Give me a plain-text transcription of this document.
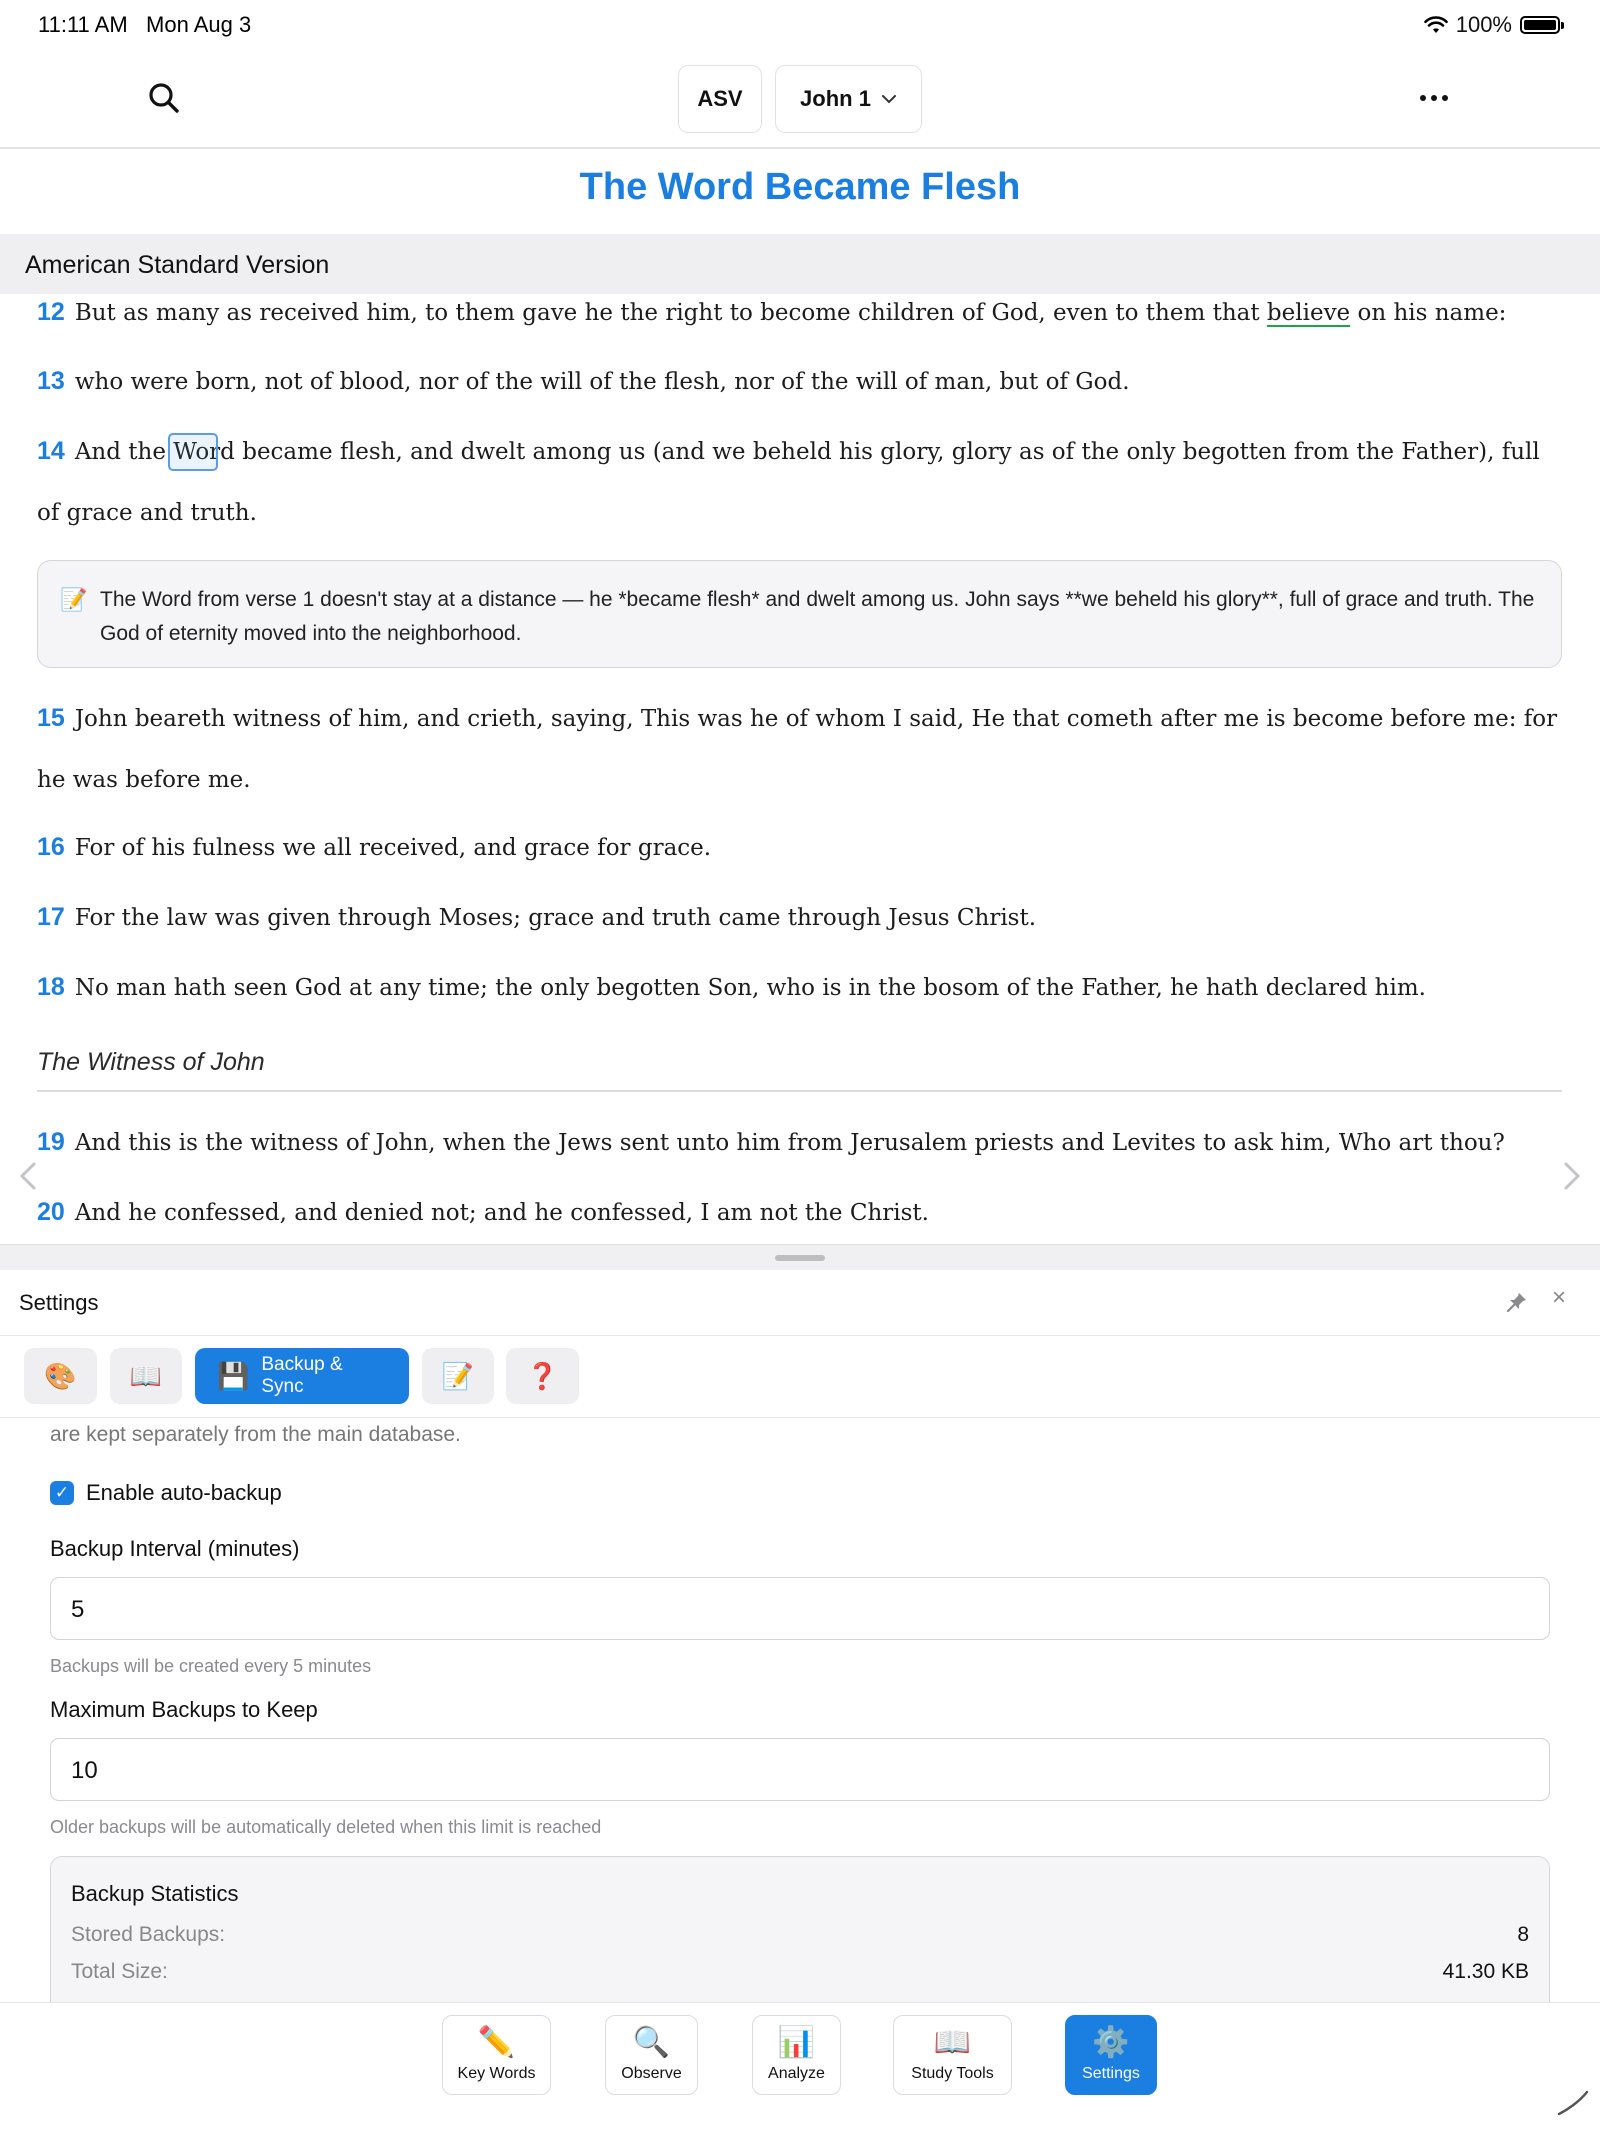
11:11 AM Mon Aug 3	100%
ASV	John 1
The Word Became Flesh
American Standard Version
12 But as many as received him, to them gave he the right to become children of God, even to them that believe on his name:
13 who were born, not of blood, nor of the will of the flesh, nor of the will of man, but of God.
14 And the Word became flesh, and dwelt among us (and we beheld his glory, glory as of the only begotten from the Father), full of grace and truth.
📝 The Word from verse 1 doesn't stay at a distance — he *became flesh* and dwelt among us. John says **we beheld his glory**, full of grace and truth. The God of eternity moved into the neighborhood.
15 John beareth witness of him, and crieth, saying, This was he of whom I said, He that cometh after me is become before me: for he was before me.
16 For of his fulness we all received, and grace for grace.
17 For the law was given through Moses; grace and truth came through Jesus Christ.
18 No man hath seen God at any time; the only begotten Son, who is in the bosom of the Father, he hath declared him.
The Witness of John
19 And this is the witness of John, when the Jews sent unto him from Jerusalem priests and Levites to ask him, Who art thou?
20 And he confessed, and denied not; and he confessed, I am not the Christ.
Settings	×
🎨 📖 💾 Backup & Sync	📝 ❓
are kept separately from the main database.
✓ Enable auto-backup
Backup Interval (minutes)
5
Backups will be created every 5 minutes
Maximum Backups to Keep
10
Older backups will be automatically deleted when this limit is reached
Backup Statistics
Stored Backups:	8
Total Size:	41.30 KB
✏️
Key Words
🔍
Observe
📊
Analyze
📖
Study Tools
⚙️
Settings
